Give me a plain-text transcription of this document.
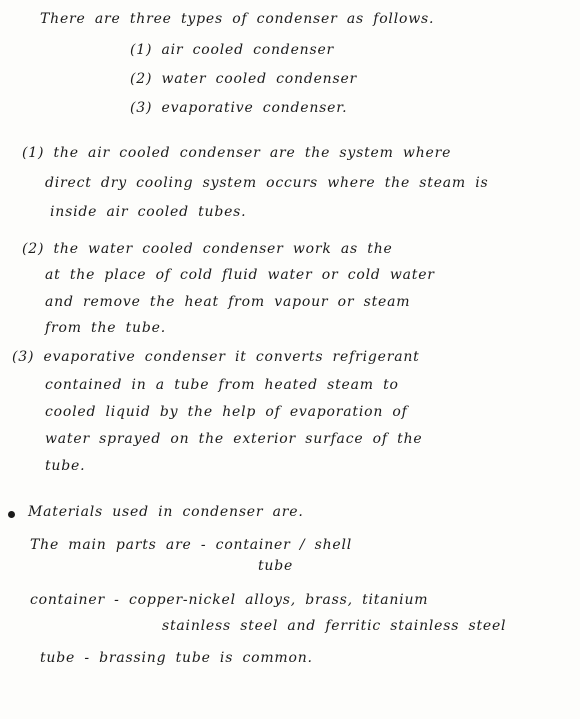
There are three types of condenser as follows.
(1) air cooled condenser
(2) water cooled condenser
(3) evaporative condenser.
(1) the air cooled condenser are the system where
direct dry cooling system occurs where the steam is
inside air cooled tubes.
(2) the water cooled condenser work as the
at the place of cold fluid water or cold water
and remove the heat from vapour or steam
from the tube.
(3) evaporative condenser it converts refrigerant
contained in a tube from heated steam to
cooled liquid by the help of evaporation of
water sprayed on the exterior surface of the
tube.
Materials used in condenser are.
The main parts are - container / shell
tube
container - copper-nickel alloys, brass, titanium
stainless steel and ferritic stainless steel
tube - brassing tube is common.
